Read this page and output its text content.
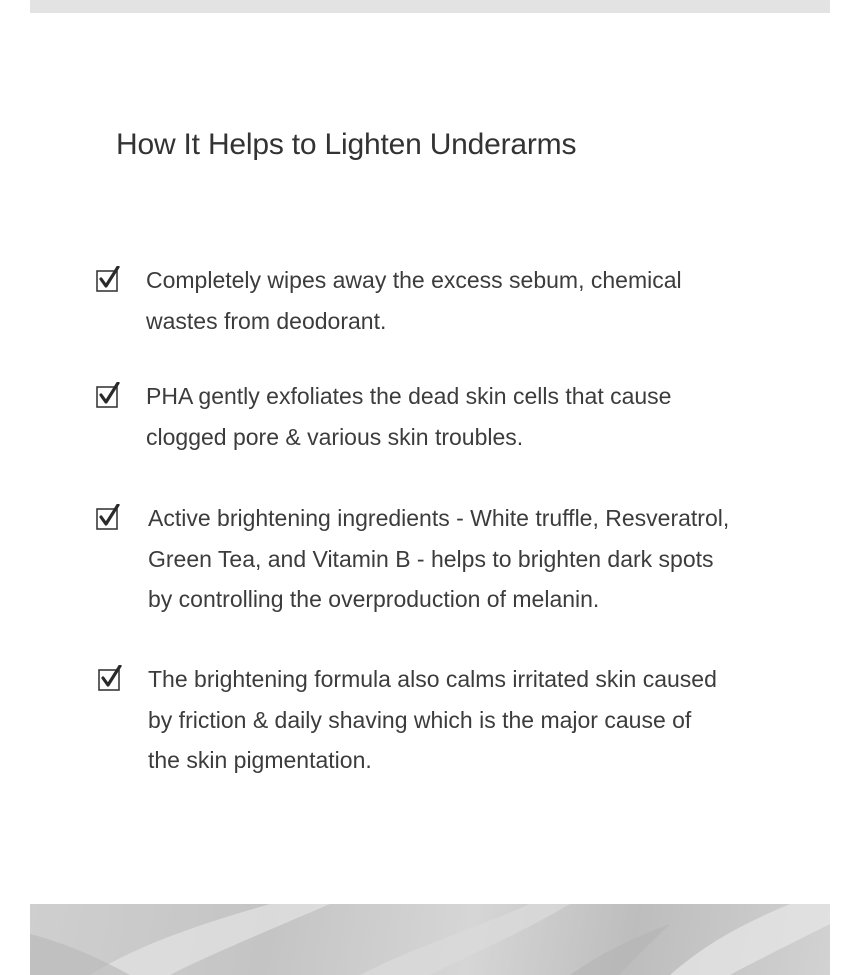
How It Helps to Lighten Underarms

Completely wipes away the excess sebum, chemical
wastes from deodorant.

PHA gently exfoliates the dead skin cells that cause
clogged pore & various skin troubles.

Active brightening ingredients - White truffle, Resveratrol,
Green Tea, and Vitamin B - helps to brighten dark spots
by controlling the overproduction of melanin.

The brightening formula also calms irritated skin caused
by friction & daily shaving which is the major cause of
the skin pigmentation.
